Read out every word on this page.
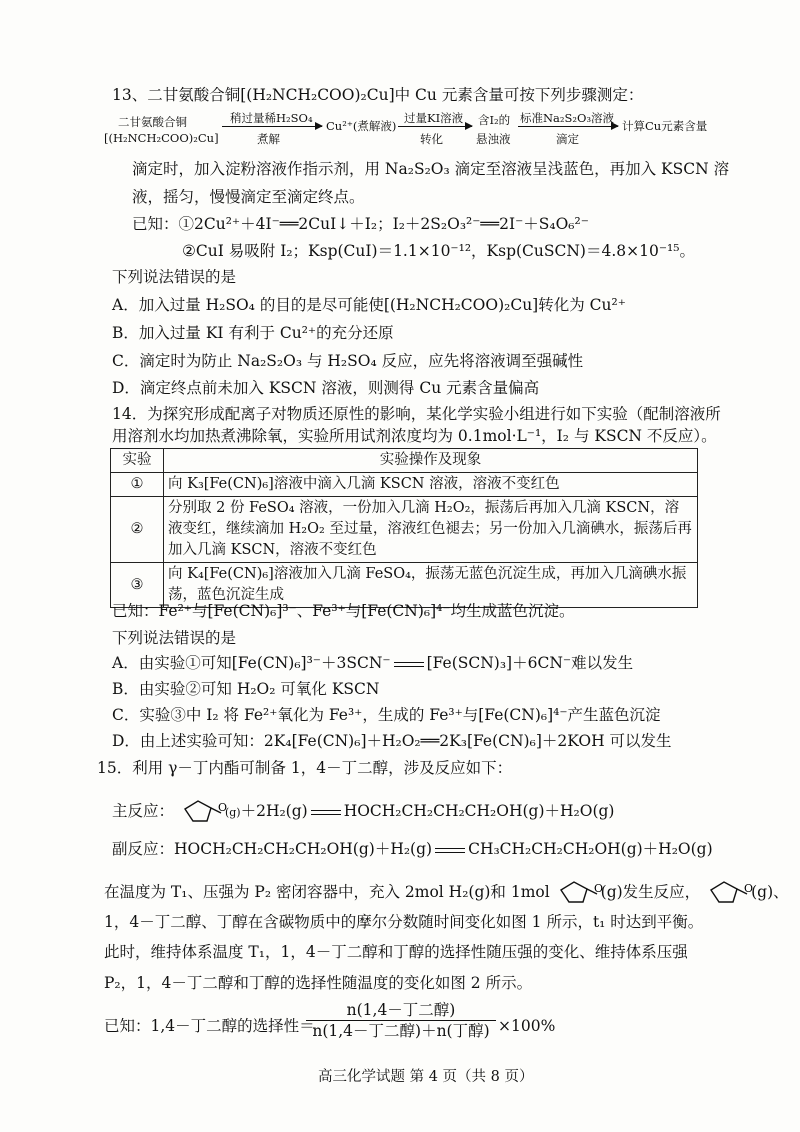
13、二甘氨酸合铜[(H₂NCH₂COO)₂Cu]中 Cu 元素含量可按下列步骤测定：
二甘氨酸合铜
[(H₂NCH₂COO)₂Cu]
稍过量稀H₂SO₄
煮解
Cu²⁺(煮解液)
过量KI溶液
转化
含I₂的
悬浊液
标准Na₂S₂O₃溶液
滴定
计算Cu元素含量
滴定时，加入淀粉溶液作指示剂，用 Na₂S₂O₃ 滴定至溶液呈浅蓝色，再加入 KSCN 溶
液，摇匀，慢慢滴定至滴定终点。
已知：①2Cu²⁺＋4I⁻══2CuI↓＋I₂；I₂＋2S₂O₃²⁻══2I⁻＋S₄O₆²⁻
②CuI 易吸附 I₂；Ksp(CuI)＝1.1×10⁻¹²，Ksp(CuSCN)＝4.8×10⁻¹⁵。
下列说法错误的是
A．加入过量 H₂SO₄ 的目的是尽可能使[(H₂NCH₂COO)₂Cu]转化为 Cu²⁺
B．加入过量 KI 有利于 Cu²⁺的充分还原
C．滴定时为防止 Na₂S₂O₃ 与 H₂SO₄ 反应，应先将溶液调至强碱性
D．滴定终点前未加入 KSCN 溶液，则测得 Cu 元素含量偏高
14．为探究形成配离子对物质还原性的影响，某化学实验小组进行如下实验（配制溶液所
用溶剂水均加热煮沸除氧，实验所用试剂浓度均为 0.1mol·L⁻¹，I₂ 与 KSCN 不反应）。
实验	实验操作及现象
①	向 K₃[Fe(CN)₆]溶液中滴入几滴 KSCN 溶液，溶液不变红色
②	分别取 2 份 FeSO₄ 溶液，一份加入几滴 H₂O₂，振荡后再加入几滴 KSCN，溶液变红，继续滴加 H₂O₂ 至过量，溶液红色褪去；另一份加入几滴碘水，振荡后再加入几滴 KSCN，溶液不变红色
③	向 K₄[Fe(CN)₆]溶液加入几滴 FeSO₄，振荡无蓝色沉淀生成，再加入几滴碘水振荡，蓝色沉淀生成
已知：Fe²⁺与[Fe(CN)₆]³⁻、Fe³⁺与[Fe(CN)₆]⁴⁻均生成蓝色沉淀。
下列说法错误的是
A．由实验①可知[Fe(CN)₆]³⁻＋3SCN⁻ [Fe(SCN)₃]＋6CN⁻难以发生
B．由实验②可知 H₂O₂ 可氧化 KSCN
C．实验③中 I₂ 将 Fe²⁺氧化为 Fe³⁺，生成的 Fe³⁺与[Fe(CN)₆]⁴⁻产生蓝色沉淀
D．由上述实验可知：2K₄[Fe(CN)₆]＋H₂O₂══2K₃[Fe(CN)₆]＋2KOH 可以发生
15．利用 γ－丁内酯可制备 1，4－丁二醇，涉及反应如下：
主反应：	O
(g)＋2H₂(g) HOCH₂CH₂CH₂CH₂OH(g)＋H₂O(g)
副反应：HOCH₂CH₂CH₂CH₂OH(g)＋H₂(g) CH₃CH₂CH₂CH₂OH(g)＋H₂O(g)
在温度为 T₁、压强为 P₂ 密闭容器中，充入 2mol H₂(g)和 1mol	O
(g)发生反应，	O
(g)、
1，4－丁二醇、丁醇在含碳物质中的摩尔分数随时间变化如图 1 所示，t₁ 时达到平衡。
此时，维持体系温度 T₁，1，4－丁二醇和丁醇的选择性随压强的变化、维持体系压强
P₂，1，4－丁二醇和丁醇的选择性随温度的变化如图 2 所示。
已知：1,4－丁二醇的选择性＝
n(1,4－丁二醇)
n(1,4－丁二醇)＋n(丁醇) ×100%
高三化学试题 第 4 页（共 8 页）
